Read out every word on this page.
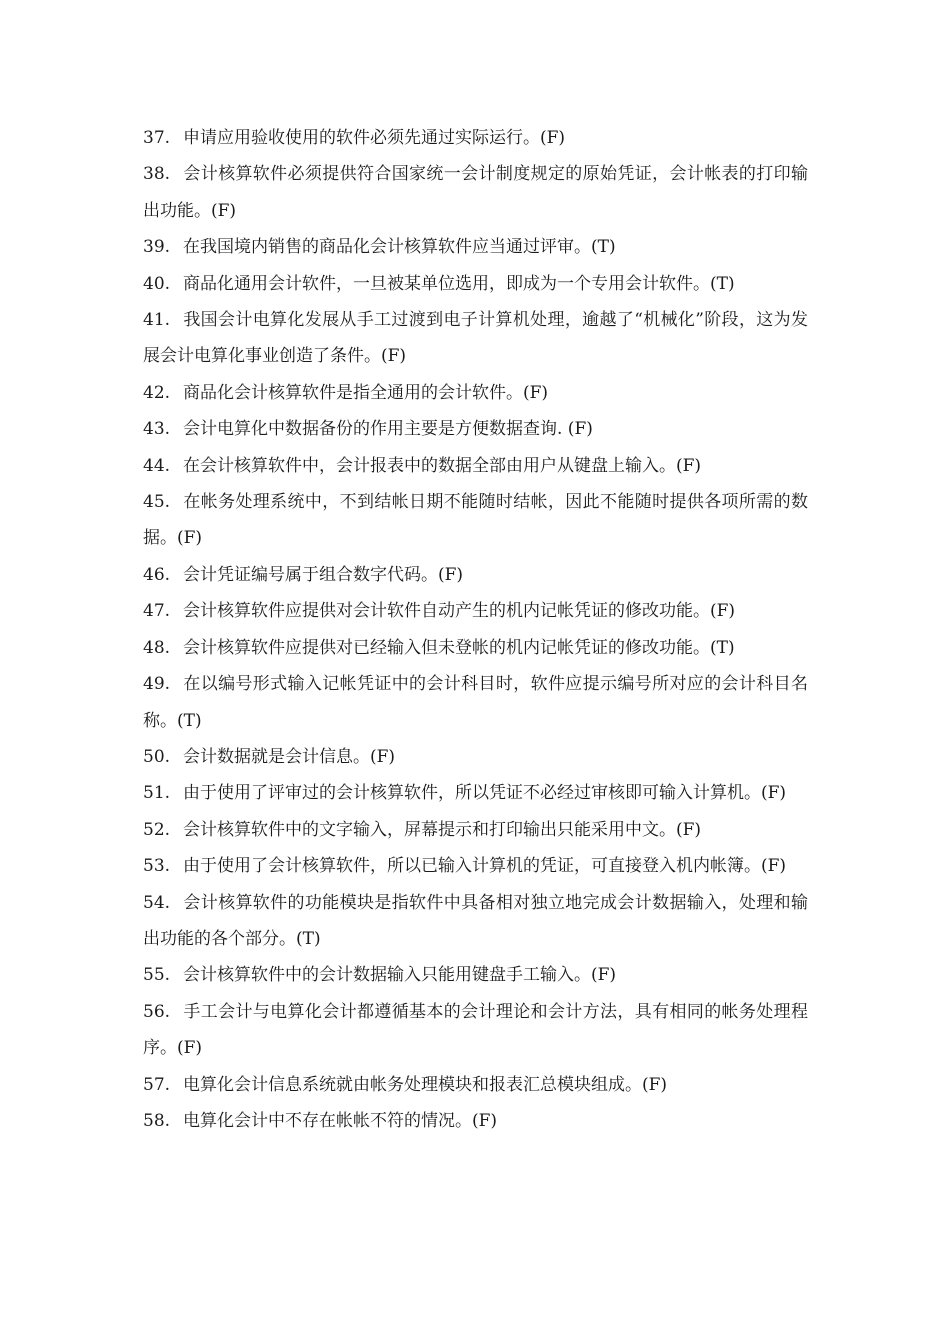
37. 申请应用验收使用的软件必须先通过实际运行。(F)

38. 会计核算软件必须提供符合国家统一会计制度规定的原始凭证，会计帐表的打印输出功能。(F)

39. 在我国境内销售的商品化会计核算软件应当通过评审。(T)

40. 商品化通用会计软件，一旦被某单位选用，即成为一个专用会计软件。(T)

41. 我国会计电算化发展从手工过渡到电子计算机处理，逾越了“机械化”阶段，这为发展会计电算化事业创造了条件。(F)

42. 商品化会计核算软件是指全通用的会计软件。(F)

43. 会计电算化中数据备份的作用主要是方便数据查询. (F)

44. 在会计核算软件中，会计报表中的数据全部由用户从键盘上输入。(F)

45. 在帐务处理系统中，不到结帐日期不能随时结帐，因此不能随时提供各项所需的数据。(F)

46. 会计凭证编号属于组合数字代码。(F)

47. 会计核算软件应提供对会计软件自动产生的机内记帐凭证的修改功能。(F)

48. 会计核算软件应提供对已经输入但未登帐的机内记帐凭证的修改功能。(T)

49. 在以编号形式输入记帐凭证中的会计科目时，软件应提示编号所对应的会计科目名称。(T)

50. 会计数据就是会计信息。(F)

51. 由于使用了评审过的会计核算软件，所以凭证不必经过审核即可输入计算机。(F)

52. 会计核算软件中的文字输入，屏幕提示和打印输出只能采用中文。(F)

53. 由于使用了会计核算软件，所以已输入计算机的凭证，可直接登入机内帐簿。(F)

54. 会计核算软件的功能模块是指软件中具备相对独立地完成会计数据输入，处理和输出功能的各个部分。(T)

55. 会计核算软件中的会计数据输入只能用键盘手工输入。(F)

56. 手工会计与电算化会计都遵循基本的会计理论和会计方法，具有相同的帐务处理程序。(F)

57. 电算化会计信息系统就由帐务处理模块和报表汇总模块组成。(F)

58. 电算化会计中不存在帐帐不符的情况。(F)
